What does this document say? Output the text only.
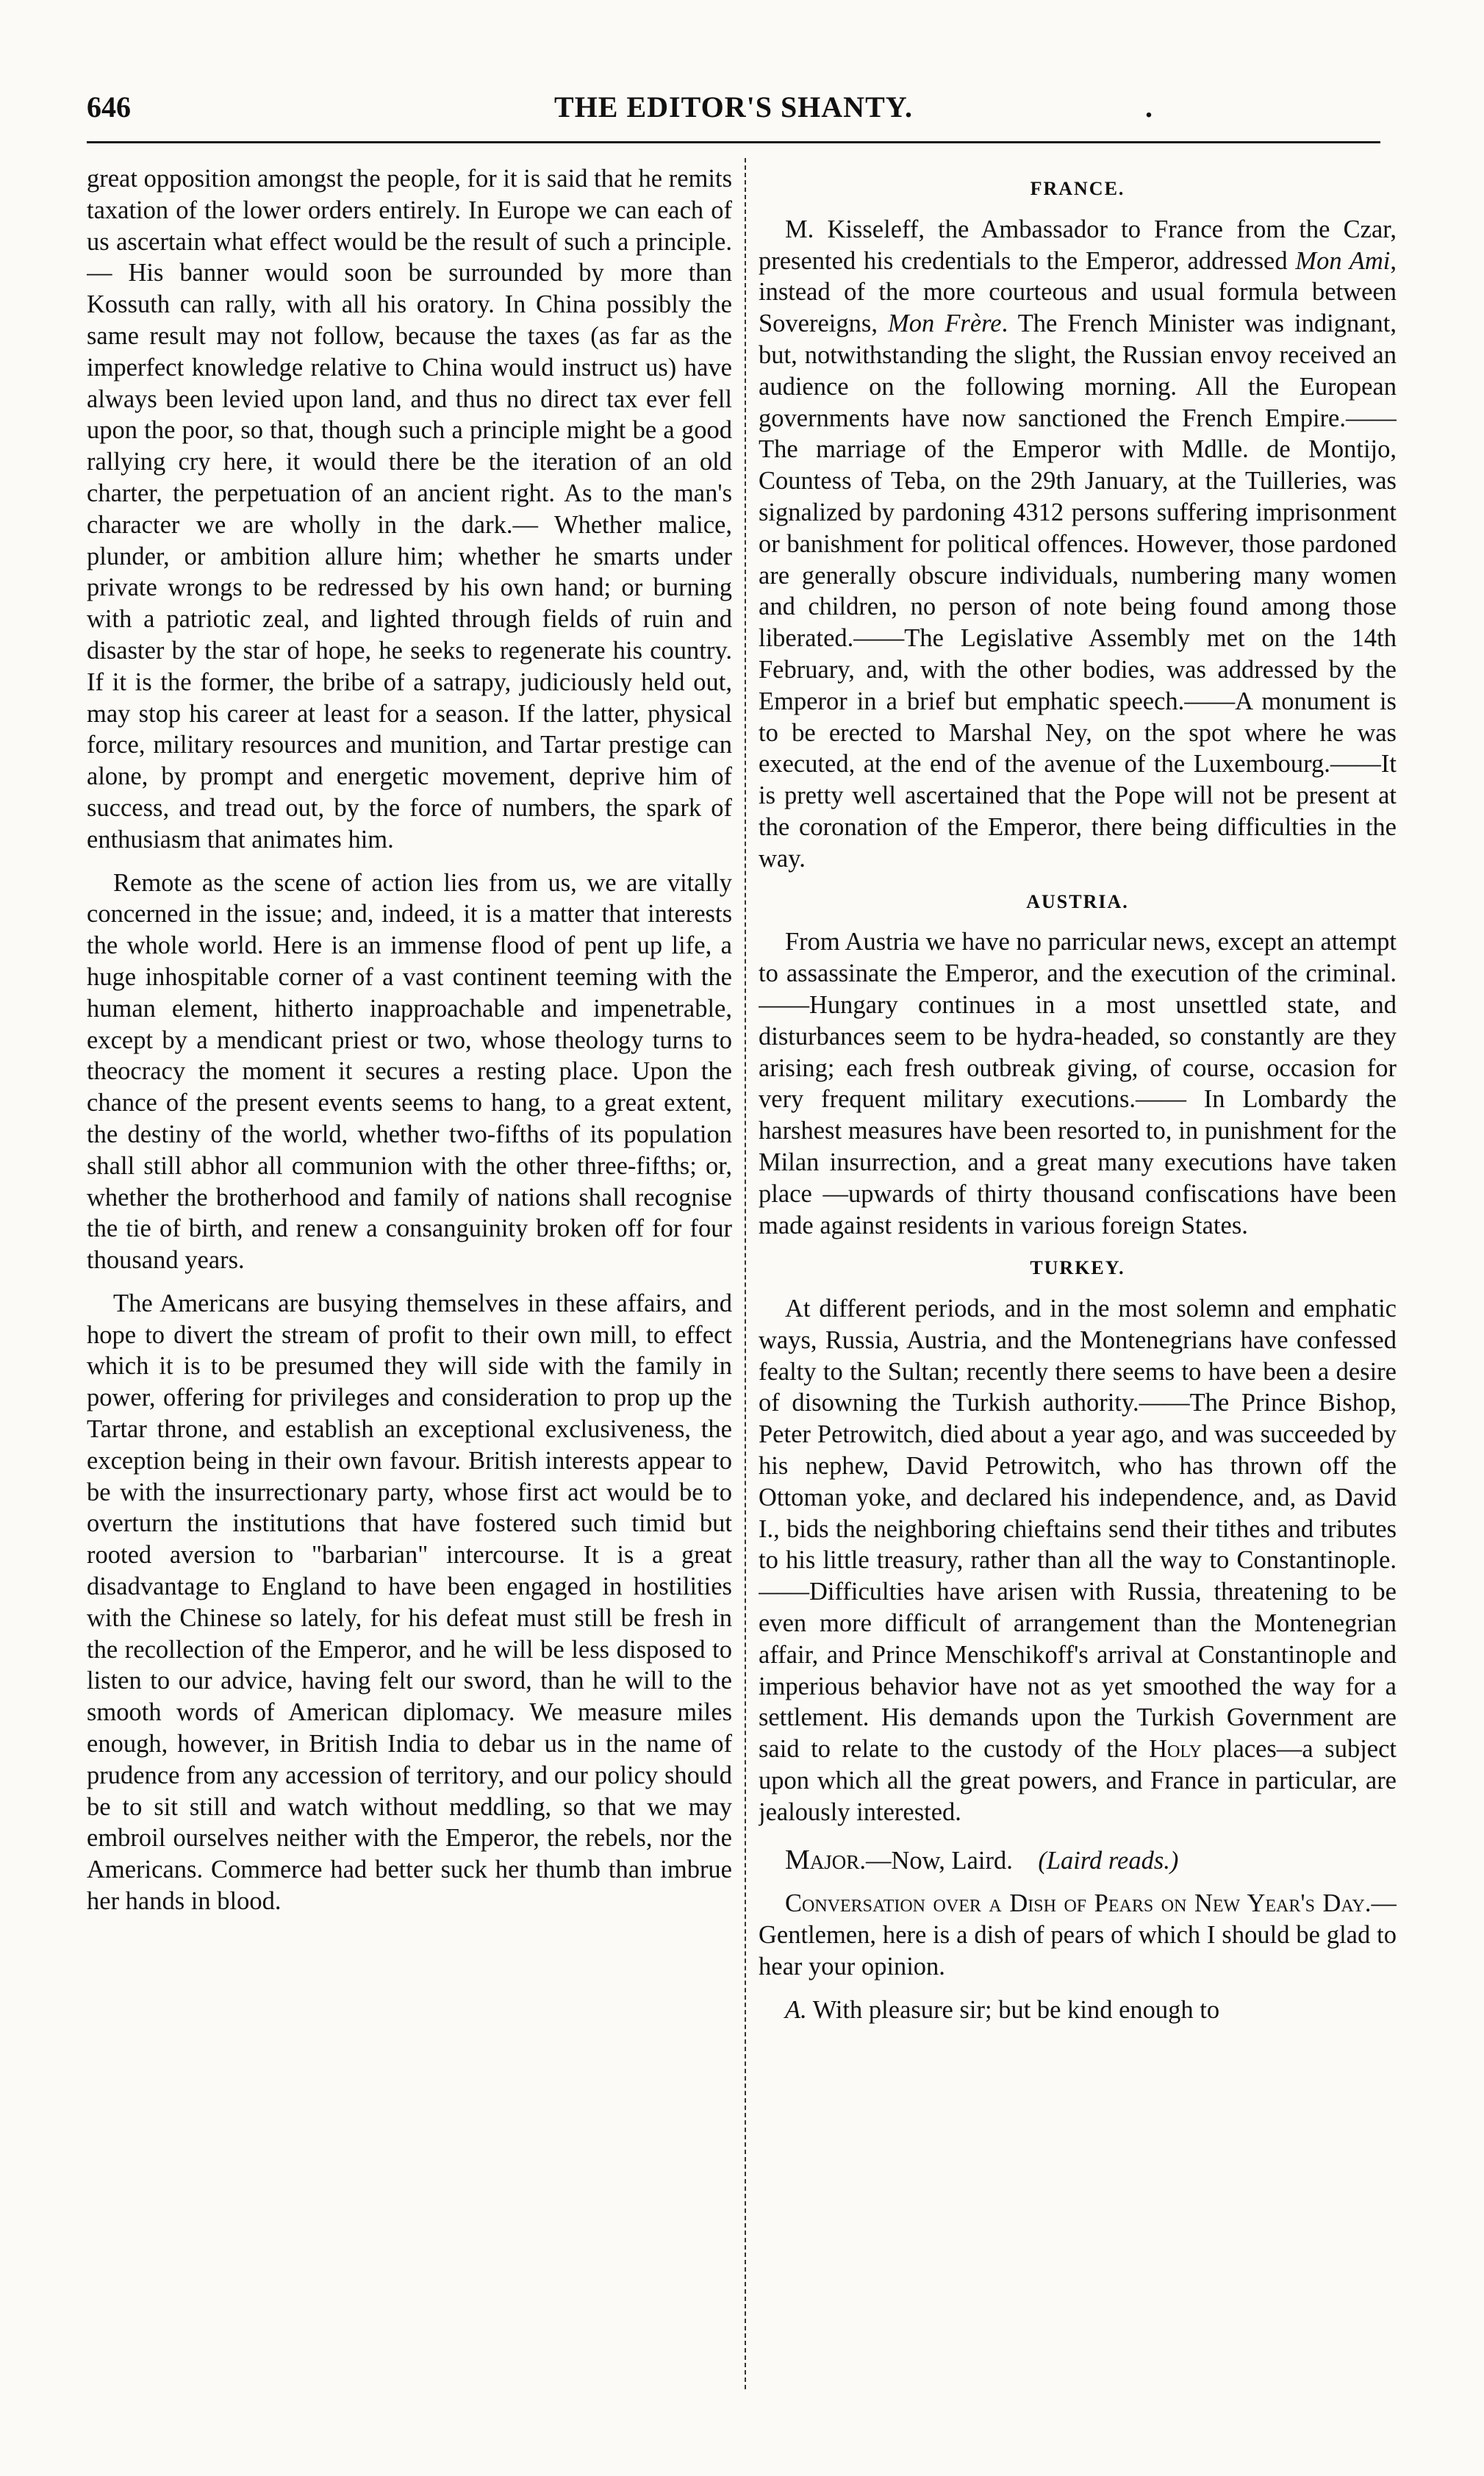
646	THE EDITOR'S SHANTY.	.

great opposition amongst the people, for it is said that he remits taxation of the lower orders entirely. In Europe we can each of us ascertain what effect would be the result of such a principle.— His banner would soon be surrounded by more than Kossuth can rally, with all his oratory. In China possibly the same result may not follow, because the taxes (as far as the imperfect knowledge relative to China would instruct us) have always been levied upon land, and thus no direct tax ever fell upon the poor, so that, though such a principle might be a good rallying cry here, it would there be the iteration of an old charter, the perpetuation of an ancient right. As to the man's character we are wholly in the dark.— Whether malice, plunder, or ambition allure him; whether he smarts under private wrongs to be redressed by his own hand; or burning with a patriotic zeal, and lighted through fields of ruin and disaster by the star of hope, he seeks to regenerate his country. If it is the former, the bribe of a satrapy, judiciously held out, may stop his career at least for a season. If the latter, physical force, military resources and munition, and Tartar prestige can alone, by prompt and energetic movement, deprive him of success, and tread out, by the force of numbers, the spark of enthusiasm that animates him.

Remote as the scene of action lies from us, we are vitally concerned in the issue; and, indeed, it is a matter that interests the whole world. Here is an immense flood of pent up life, a huge inhospitable corner of a vast continent teeming with the human element, hitherto inapproachable and impenetrable, except by a mendicant priest or two, whose theology turns to theocracy the moment it secures a resting place. Upon the chance of the present events seems to hang, to a great extent, the destiny of the world, whether two-fifths of its population shall still abhor all communion with the other three-fifths; or, whether the brotherhood and family of nations shall recognise the tie of birth, and renew a consanguinity broken off for four thousand years.

The Americans are busying themselves in these affairs, and hope to divert the stream of profit to their own mill, to effect which it is to be presumed they will side with the family in power, offering for privileges and consideration to prop up the Tartar throne, and establish an exceptional exclusiveness, the exception being in their own favour. British interests appear to be with the insurrectionary party, whose first act would be to overturn the institutions that have fostered such timid but rooted aversion to "barbarian" intercourse. It is a great disadvantage to England to have been engaged in hostilities with the Chinese so lately, for his defeat must still be fresh in the recollection of the Emperor, and he will be less disposed to listen to our advice, having felt our sword, than he will to the smooth words of American diplomacy. We measure miles enough, however, in British India to debar us in the name of prudence from any accession of territory, and our policy should be to sit still and watch without meddling, so that we may embroil ourselves neither with the Emperor, the rebels, nor the Americans. Commerce had better suck her thumb than imbrue her hands in blood.

FRANCE.

M. Kisseleff, the Ambassador to France from the Czar, presented his credentials to the Emperor, addressed Mon Ami, instead of the more courteous and usual formula between Sovereigns, Mon Frère. The French Minister was indignant, but, notwithstanding the slight, the Russian envoy received an audience on the following morning. All the European governments have now sanctioned the French Empire.——The marriage of the Emperor with Mdlle. de Montijo, Countess of Teba, on the 29th January, at the Tuilleries, was signalized by pardoning 4312 persons suffering imprisonment or banishment for political offences. However, those pardoned are generally obscure individuals, numbering many women and children, no person of note being found among those liberated.——The Legislative Assembly met on the 14th February, and, with the other bodies, was addressed by the Emperor in a brief but emphatic speech.——A monument is to be erected to Marshal Ney, on the spot where he was executed, at the end of the avenue of the Luxembourg.——It is pretty well ascertained that the Pope will not be present at the coronation of the Emperor, there being difficulties in the way.

AUSTRIA.

From Austria we have no parricular news, except an attempt to assassinate the Emperor, and the execution of the criminal.——Hungary continues in a most unsettled state, and disturbances seem to be hydra-headed, so constantly are they arising; each fresh outbreak giving, of course, occasion for very frequent military executions.—— In Lombardy the harshest measures have been resorted to, in punishment for the Milan insurrection, and a great many executions have taken place —upwards of thirty thousand confiscations have been made against residents in various foreign States.

TURKEY.

At different periods, and in the most solemn and emphatic ways, Russia, Austria, and the Montenegrians have confessed fealty to the Sultan; recently there seems to have been a desire of disowning the Turkish authority.——The Prince Bishop, Peter Petrowitch, died about a year ago, and was succeeded by his nephew, David Petrowitch, who has thrown off the Ottoman yoke, and declared his independence, and, as David I., bids the neighboring chieftains send their tithes and tributes to his little treasury, rather than all the way to Constantinople.——Difficulties have arisen with Russia, threatening to be even more difficult of arrangement than the Montenegrian affair, and Prince Menschikoff's arrival at Constantinople and imperious behavior have not as yet smoothed the way for a settlement. His demands upon the Turkish Government are said to relate to the custody of the Holy places—a subject upon which all the great powers, and France in particular, are jealously interested.

Major.—Now, Laird. (Laird reads.)

Conversation over a Dish of Pears on New Year's Day.—Gentlemen, here is a dish of pears of which I should be glad to hear your opinion.

A. With pleasure sir; but be kind enough to
